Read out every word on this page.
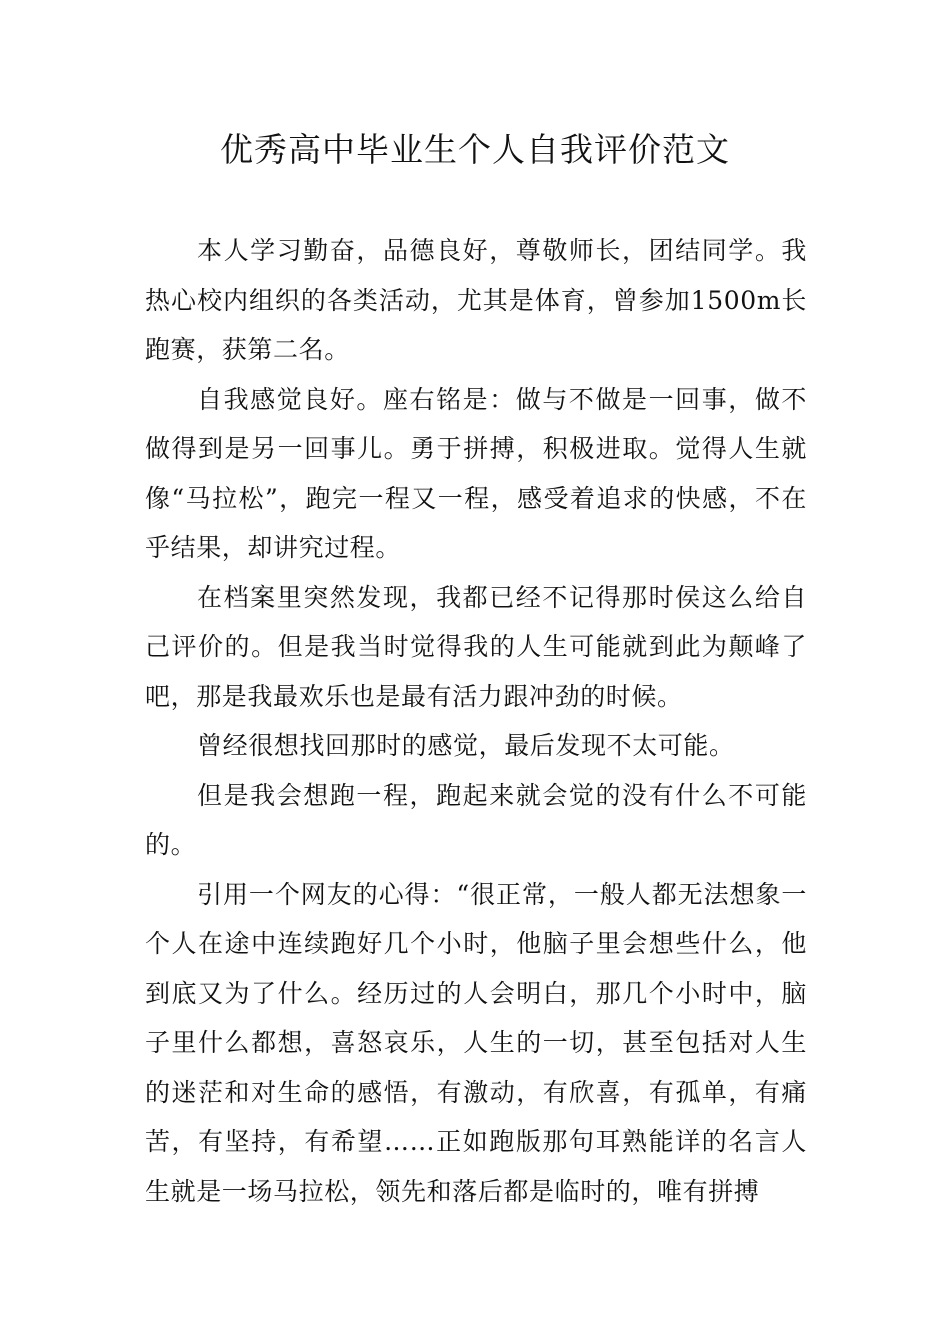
优秀高中毕业生个人自我评价范文

本人学习勤奋，品德良好，尊敬师长，团结同学。我热心校内组织的各类活动，尤其是体育，曾参加1500m长跑赛，获第二名。

自我感觉良好。座右铭是：做与不做是一回事，做不做得到是另一回事儿。勇于拼搏，积极进取。觉得人生就像“马拉松”，跑完一程又一程，感受着追求的快感，不在乎结果，却讲究过程。

在档案里突然发现，我都已经不记得那时侯这么给自己评价的。但是我当时觉得我的人生可能就到此为颠峰了吧，那是我最欢乐也是最有活力跟冲劲的时候。

曾经很想找回那时的感觉，最后发现不太可能。

但是我会想跑一程，跑起来就会觉的没有什么不可能的。

引用一个网友的心得：“很正常，一般人都无法想象一个人在途中连续跑好几个小时，他脑子里会想些什么，他到底又为了什么。经历过的人会明白，那几个小时中，脑子里什么都想，喜怒哀乐，人生的一切，甚至包括对人生的迷茫和对生命的感悟，有激动，有欣喜，有孤单，有痛苦，有坚持，有希望……正如跑版那句耳熟能详的名言人生就是一场马拉松，领先和落后都是临时的，唯有拼搏
